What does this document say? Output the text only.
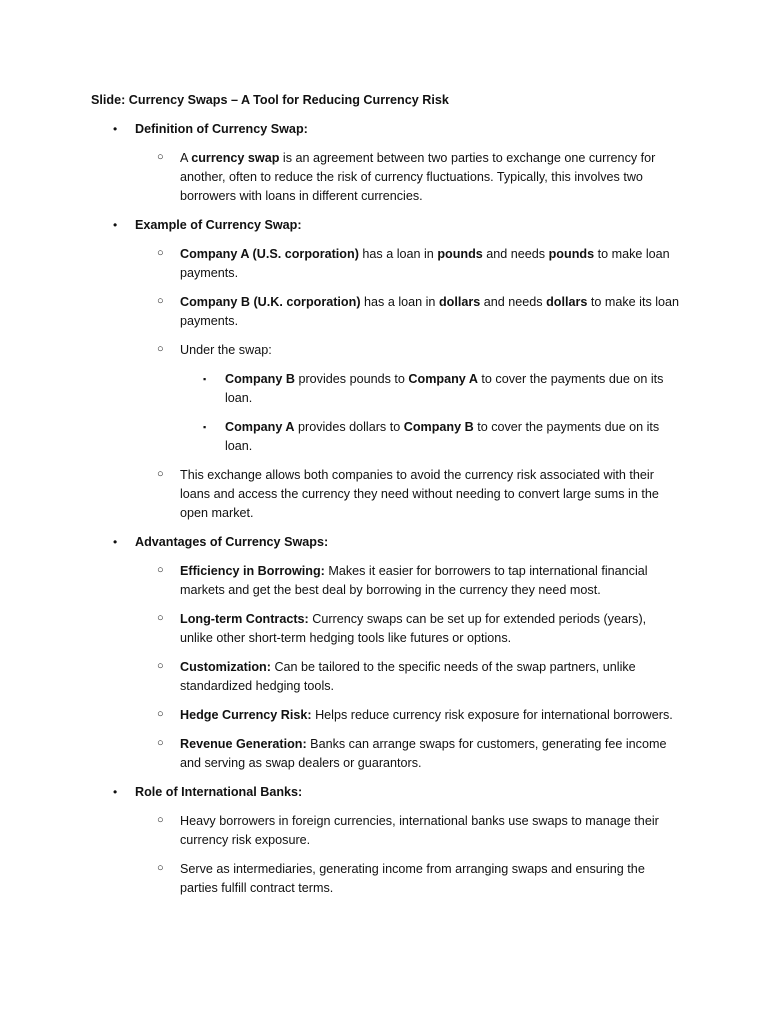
Slide: Currency Swaps – A Tool for Reducing Currency Risk
• Definition of Currency Swap:
○ A currency swap is an agreement between two parties to exchange one currency for another, often to reduce the risk of currency fluctuations. Typically, this involves two borrowers with loans in different currencies.
• Example of Currency Swap:
○ Company A (U.S. corporation) has a loan in pounds and needs pounds to make loan payments.
○ Company B (U.K. corporation) has a loan in dollars and needs dollars to make its loan payments.
○ Under the swap:
▪ Company B provides pounds to Company A to cover the payments due on its loan.
▪ Company A provides dollars to Company B to cover the payments due on its loan.
○ This exchange allows both companies to avoid the currency risk associated with their loans and access the currency they need without needing to convert large sums in the open market.
• Advantages of Currency Swaps:
○ Efficiency in Borrowing: Makes it easier for borrowers to tap international financial markets and get the best deal by borrowing in the currency they need most.
○ Long-term Contracts: Currency swaps can be set up for extended periods (years), unlike other short-term hedging tools like futures or options.
○ Customization: Can be tailored to the specific needs of the swap partners, unlike standardized hedging tools.
○ Hedge Currency Risk: Helps reduce currency risk exposure for international borrowers.
○ Revenue Generation: Banks can arrange swaps for customers, generating fee income and serving as swap dealers or guarantors.
• Role of International Banks:
○ Heavy borrowers in foreign currencies, international banks use swaps to manage their currency risk exposure.
○ Serve as intermediaries, generating income from arranging swaps and ensuring the parties fulfill contract terms.
